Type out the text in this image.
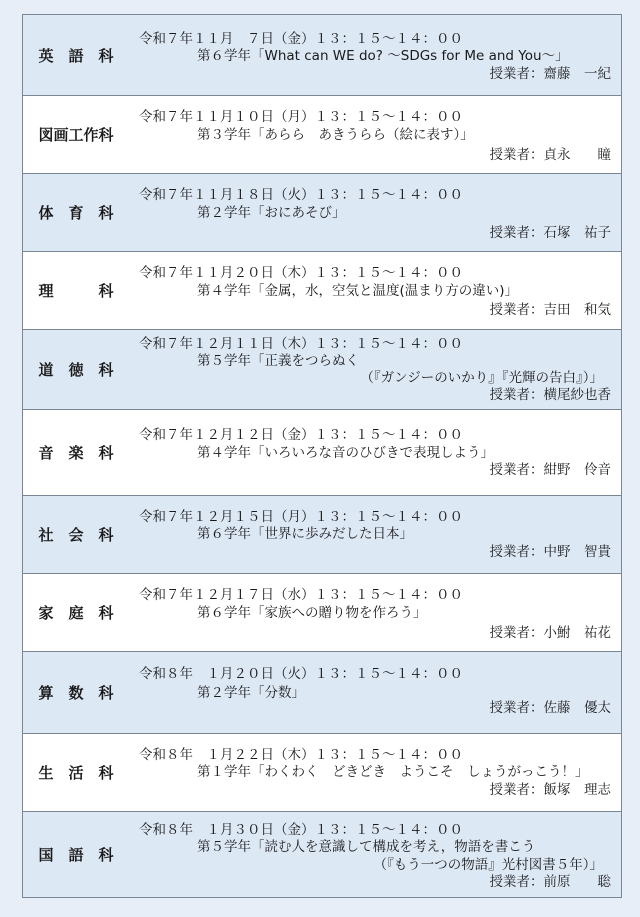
英　語　科
令和７年１１月　７日（金）１３：１５～１４：００
第６学年「What can WE do? ～SDGs for Me and You～」
授業者：齋藤　一紀
図画工作科
令和７年１１月１０日（月）１３：１５～１４：００
第３学年「あらら　あきうらら（絵に表す）」
授業者：貞永　　瞳
体　育　科
令和７年１１月１８日（火）１３：１５～１４：００
第２学年「おにあそび」
授業者：石塚　祐子
理　　　科
令和７年１１月２０日（木）１３：１５～１４：００
第４学年「金属，水，空気と温度(温まり方の違い)」
授業者：吉田　和気
道　徳　科
令和７年１２月１１日（木）１３：１５～１４：００
第５学年「正義をつらぬく
（『ガンジーのいかり』『光輝の告白』）」
授業者：横尾紗也香
音　楽　科
令和７年１２月１２日（金）１３：１５～１４：００
第４学年「いろいろな音のひびきで表現しよう」
授業者：紺野　伶音
社　会　科
令和７年１２月１５日（月）１３：１５～１４：００
第６学年「世界に歩みだした日本」
授業者：中野　智貴
家　庭　科
令和７年１２月１７日（水）１３：１５～１４：００
第６学年「家族への贈り物を作ろう」
授業者：小鮒　祐花
算　数　科
令和８年　１月２０日（火）１３：１５～１４：００
第２学年「分数」
授業者：佐藤　優太
生　活　科
令和８年　１月２２日（木）１３：１５～１４：００
第１学年「わくわく　どきどき　ようこそ　しょうがっこう！」
授業者：飯塚　理志
国　語　科
令和８年　１月３０日（金）１３：１５～１４：００
第５学年「読む人を意識して構成を考え，物語を書こう
（『もう一つの物語』光村図書５年）」
授業者：前原　　聡
